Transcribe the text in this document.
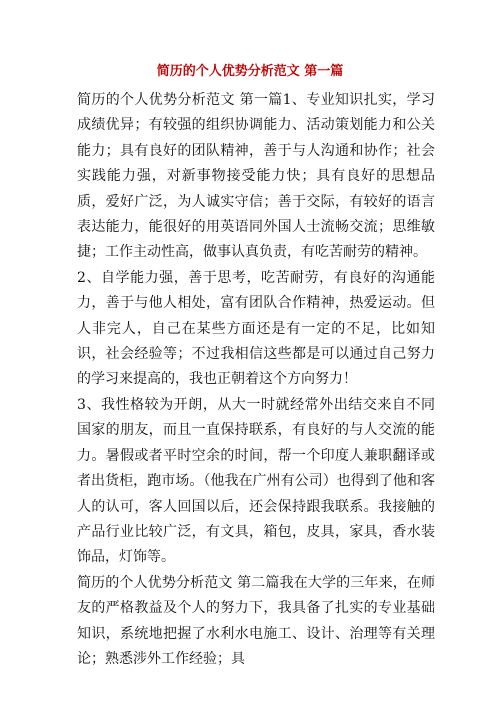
简历的个人优势分析范文 第一篇

简历的个人优势分析范文 第一篇1、专业知识扎实，学习成绩优异；有较强的组织协调能力、活动策划能力和公关能力；具有良好的团队精神，善于与人沟通和协作；社会实践能力强，对新事物接受能力快；具有良好的思想品质，爱好广泛，为人诚实守信；善于交际，有较好的语言表达能力，能很好的用英语同外国人士流畅交流；思维敏捷；工作主动性高，做事认真负责，有吃苦耐劳的精神。

2、自学能力强，善于思考，吃苦耐劳，有良好的沟通能力，善于与他人相处，富有团队合作精神，热爱运动。但人非完人，自己在某些方面还是有一定的不足，比如知识，社会经验等；不过我相信这些都是可以通过自己努力的学习来提高的，我也正朝着这个方向努力！

3、我性格较为开朗，从大一时就经常外出结交来自不同国家的朋友，而且一直保持联系，有良好的与人交流的能力。暑假或者平时空余的时间，帮一个印度人兼职翻译或者出货柜，跑市场。（他我在广州有公司）也得到了他和客人的认可，客人回国以后，还会保持跟我联系。我接触的产品行业比较广泛，有文具，箱包，皮具，家具，香水装饰品，灯饰等。

简历的个人优势分析范文 第二篇我在大学的三年来，在师友的严格教益及个人的努力下，我具备了扎实的专业基础知识，系统地把握了水利水电施工、设计、治理等有关理论；熟悉涉外工作经验；具
